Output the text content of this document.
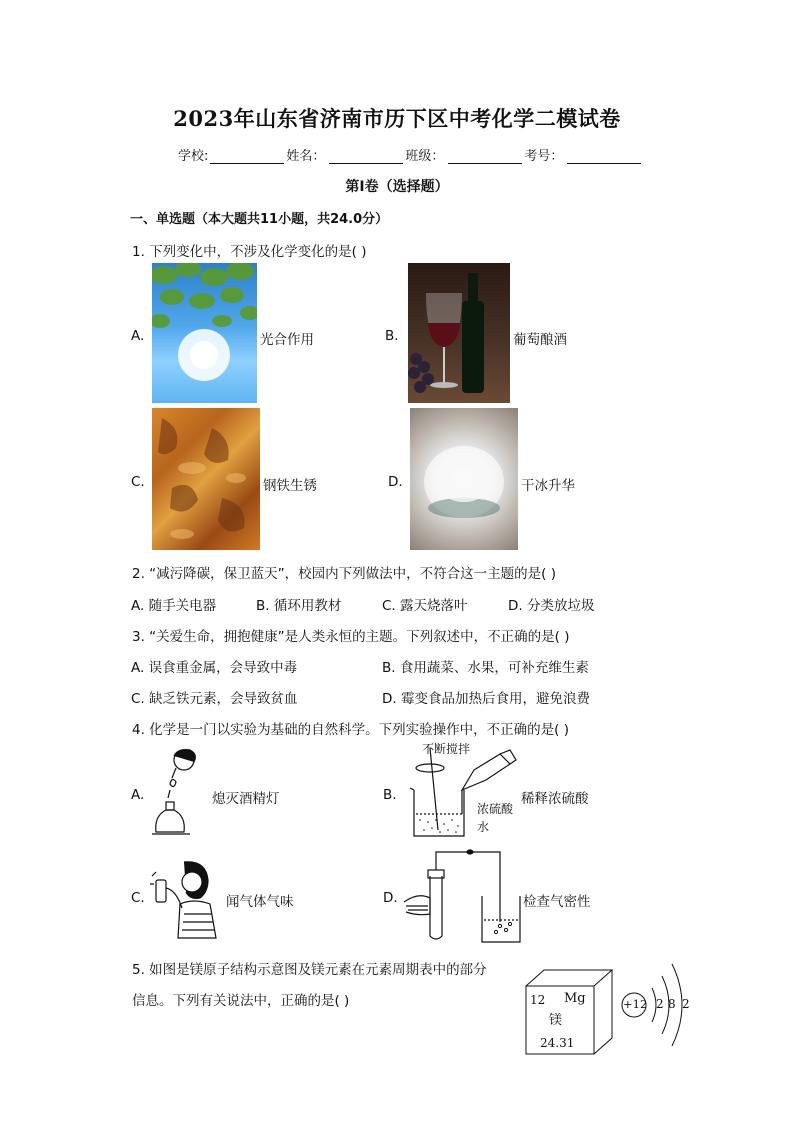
2023年山东省济南市历下区中考化学二模试卷
学校:	姓名：	班级：	考号：
第I卷（选择题）
一、单选题（本大题共11小题，共24.0分）
1. 下列变化中，不涉及化学变化的是( )
A.	光合作用	B.	葡萄酿酒
C.	钢铁生锈	D.	干冰升华
2. “减污降碳，保卫蓝天”，校园内下列做法中，不符合这一主题的是( )
A. 随手关电器	B. 循环用教材	C. 露天烧落叶	D. 分类放垃圾
3. “关爱生命，拥抱健康”是人类永恒的主题。下列叙述中，不正确的是( )
A. 误食重金属，会导致中毒	B. 食用蔬菜、水果，可补充维生素
C. 缺乏铁元素，会导致贫血	D. 霉变食品加热后食用，避免浪费
4. 化学是一门以实验为基础的自然科学。下列实验操作中，不正确的是( )
A.	熄灭酒精灯	B.
不断搅拌
浓硫酸
水
稀释浓硫酸
C.	闻气体气味	D.	检查气密性
5. 如图是镁原子结构示意图及镁元素在元素周期表中的部分
信息。下列有关说法中，正确的是( )	12 Mg
镁
24.31
+12 2 8 2
